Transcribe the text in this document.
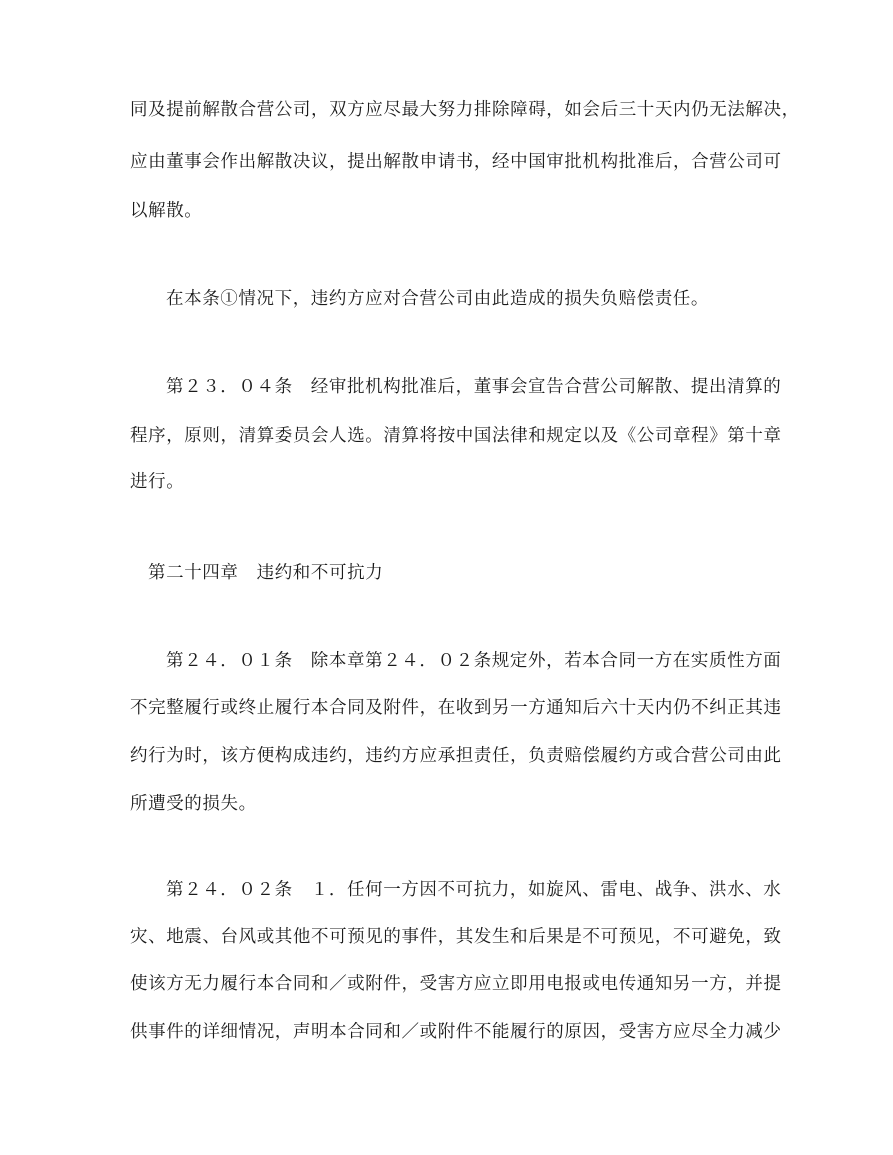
同及提前解散合营公司，双方应尽最大努力排除障碍，如会后三十天内仍无法解决，
应由董事会作出解散决议，提出解散申请书，经中国审批机构批准后，合营公司可
以解散。
在本条①情况下，违约方应对合营公司由此造成的损失负赔偿责任。
第２３．０４条　经审批机构批准后，董事会宣告合营公司解散、提出清算的
程序，原则，清算委员会人选。清算将按中国法律和规定以及《公司章程》第十章
进行。
第二十四章　违约和不可抗力
第２４．０１条　除本章第２４．０２条规定外，若本合同一方在实质性方面
不完整履行或终止履行本合同及附件，在收到另一方通知后六十天内仍不纠正其违
约行为时，该方便构成违约，违约方应承担责任，负责赔偿履约方或合营公司由此
所遭受的损失。
第２４．０２条　１．任何一方因不可抗力，如旋风、雷电、战争、洪水、水
灾、地震、台风或其他不可预见的事件，其发生和后果是不可预见，不可避免，致
使该方无力履行本合同和／或附件，受害方应立即用电报或电传通知另一方，并提
供事件的详细情况，声明本合同和／或附件不能履行的原因，受害方应尽全力减少
